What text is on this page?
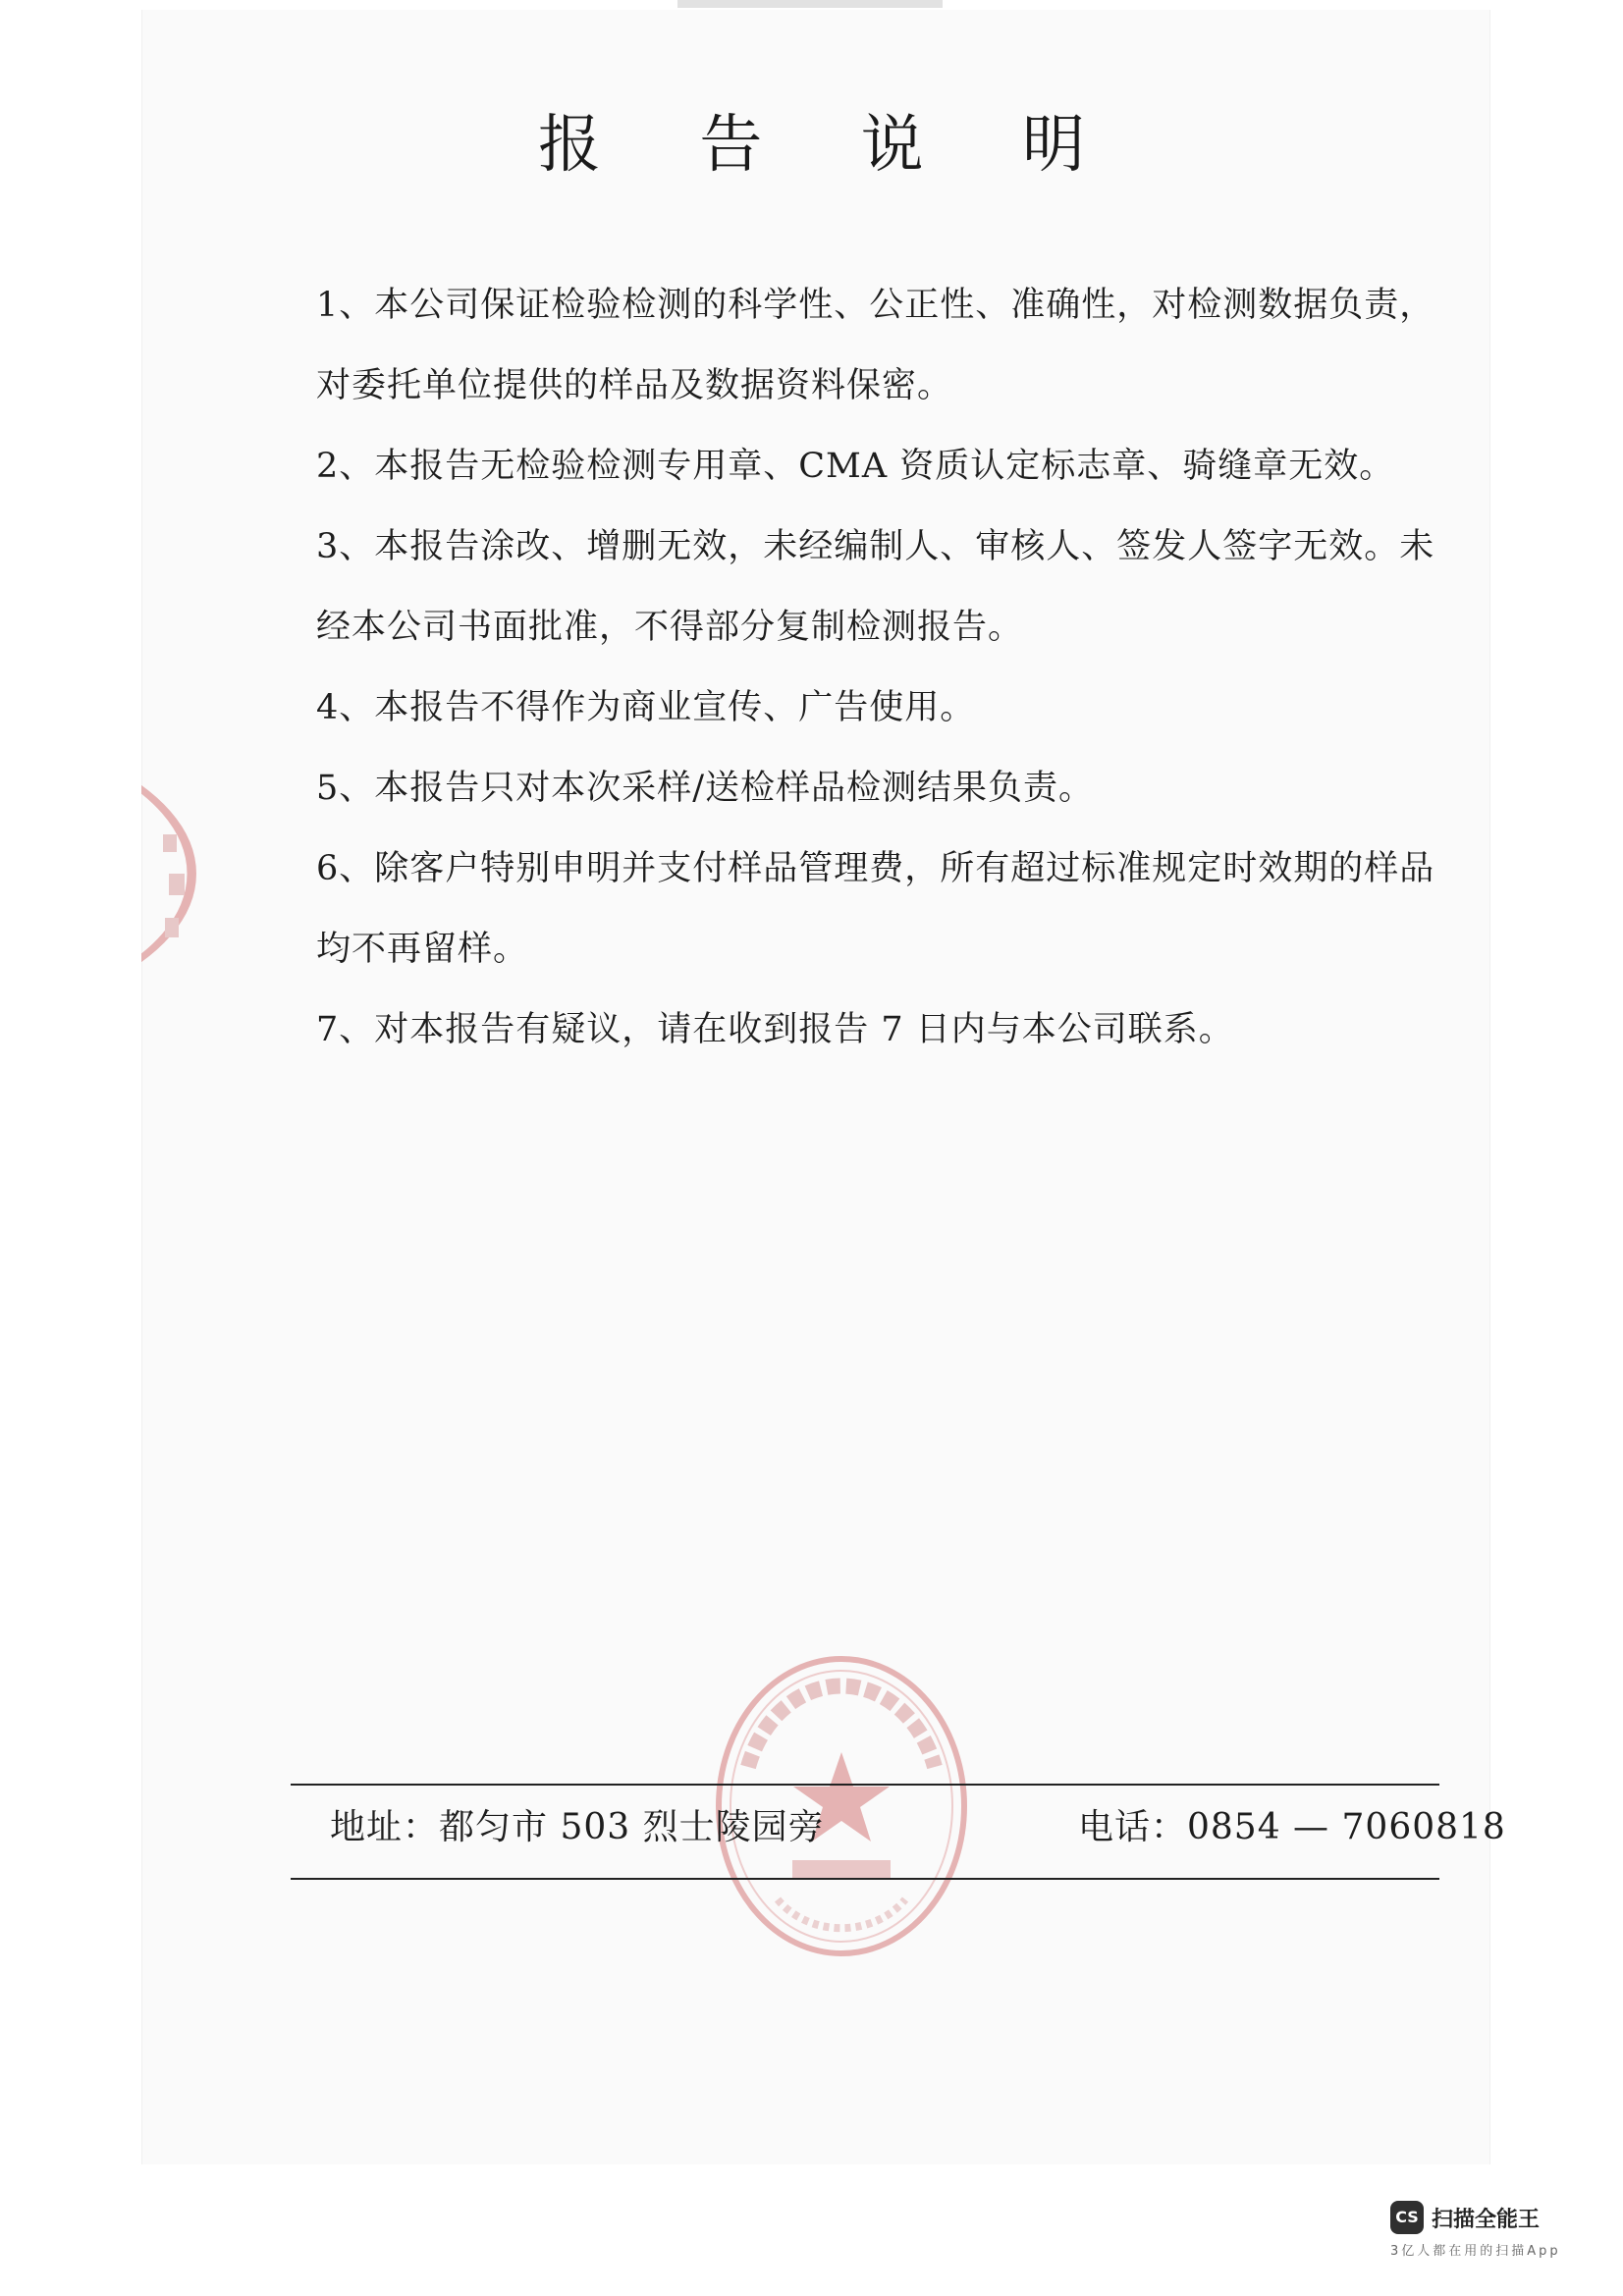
报 告 说 明

1、本公司保证检验检测的科学性、公正性、准确性，对检测数据负责，对委托单位提供的样品及数据资料保密。

2、本报告无检验检测专用章、CMA 资质认定标志章、骑缝章无效。

3、本报告涂改、增删无效，未经编制人、审核人、签发人签字无效。未经本公司书面批准，不得部分复制检测报告。

4、本报告不得作为商业宣传、广告使用。

5、本报告只对本次采样/送检样品检测结果负责。

6、除客户特别申明并支付样品管理费，所有超过标准规定时效期的样品均不再留样。

7、对本报告有疑议，请在收到报告 7 日内与本公司联系。

地址：都匀市 503 烈士陵园旁	电话：0854 — 7060818
CS 扫描全能王
3亿人都在用的扫描App
